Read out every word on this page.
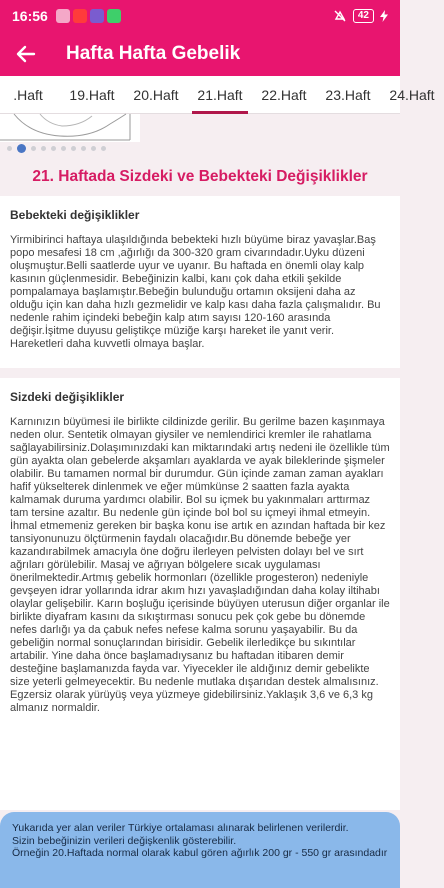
16:56	42
Hafta Hafta Gebelik
.Haft	19.Haft	20.Haft	21.Haft	22.Haft	23.Haft	24.Haft
21. Haftada Sizdeki ve Bebekteki Değişiklikler
Bebekteki değişiklikler
Yirmibirinci haftaya ulaşıldığında bebekteki hızlı büyüme biraz yavaşlar.Baş popo mesafesi 18 cm ,ağırlığı da 300-320 gram civarındadır.Uyku düzeni oluşmuştur.Belli saatlerde uyur ve uyanır. Bu haftada en önemli olay kalp kasının güçlenmesidir. Bebeğinizin kalbi, kanı çok daha etkili şekilde pompalamaya başlamıştır.Bebeğin bulunduğu ortamın oksijeni daha az olduğu için kan daha hızlı gezmelidir ve kalp kası daha fazla çalışmalıdır. Bu nedenle rahim içindeki bebeğin kalp atım sayısı 120-160 arasında değişir.İşitme duyusu geliştikçe müziğe karşı hareket ile yanıt verir. Hareketleri daha kuvvetli olmaya başlar.
Sizdeki değişiklikler
Karnınızın büyümesi ile birlikte cildinizde gerilir. Bu gerilme bazen kaşınmaya neden olur. Sentetik olmayan giysiler ve nemlendirici kremler ile rahatlama sağlayabilirsiniz.Dolaşımınızdaki kan miktarındaki artış nedeni ile özellikle tüm gün ayakta olan gebelerde akşamları ayaklarda ve ayak bileklerinde şişmeler olabilir. Bu tamamen normal bir durumdur. Gün içinde zaman zaman ayakları hafif yükselterek dinlenmek ve eğer mümkünse 2 saatten fazla ayakta kalmamak duruma yardımcı olabilir. Bol su içmek bu yakınmaları arttırmaz tam tersine azaltır. Bu nedenle gün içinde bol bol su içmeyi ihmal etmeyin. İhmal etmemeniz gereken bir başka konu ise artık en azından haftada bir kez tansiyonunuzu ölçtürmenin faydalı olacağıdır.Bu dönemde bebeğe yer kazandırabilmek amacıyla öne doğru ilerleyen pelvisten dolayı bel ve sırt ağrıları görülebilir. Masaj ve ağrıyan bölgelere sıcak uygulaması önerilmektedir.Artmış gebelik hormonları (özellikle progesteron) nedeniyle gevşeyen idrar yollarında idrar akım hızı yavaşladığından daha kolay iltihabı olaylar gelişebilir. Karın boşluğu içerisinde büyüyen uterusun diğer organlar ile birlikte diyafram kasını da sıkıştırması sonucu pek çok gebe bu dönemde nefes darlığı ya da çabuk nefes nefese kalma sorunu yaşayabilir. Bu da gebeliğin normal sonuçlarından birisidir. Gebelik ilerledikçe bu sıkıntılar artabilir. Yine daha önce başlamadıysanız bu haftadan itibaren demir desteğine başlamanızda fayda var. Yiyecekler ile aldığınız demir gebelikte size yeterli gelmeyecektir. Bu nedenle mutlaka dışarıdan destek almalısınız. Egzersiz olarak yürüyüş veya yüzmeye gidebilirsiniz.Yaklaşık 3,6 ve 6,3 kg almanız normaldir.
Yukarıda yer alan veriler Türkiye ortalaması alınarak belirlenen verilerdir.
Sizin bebeğinizin verileri değişkenlik gösterebilir.
Örneğin 20.Haftada normal olarak kabul gören ağırlık 200 gr - 550 gr arasındadır
